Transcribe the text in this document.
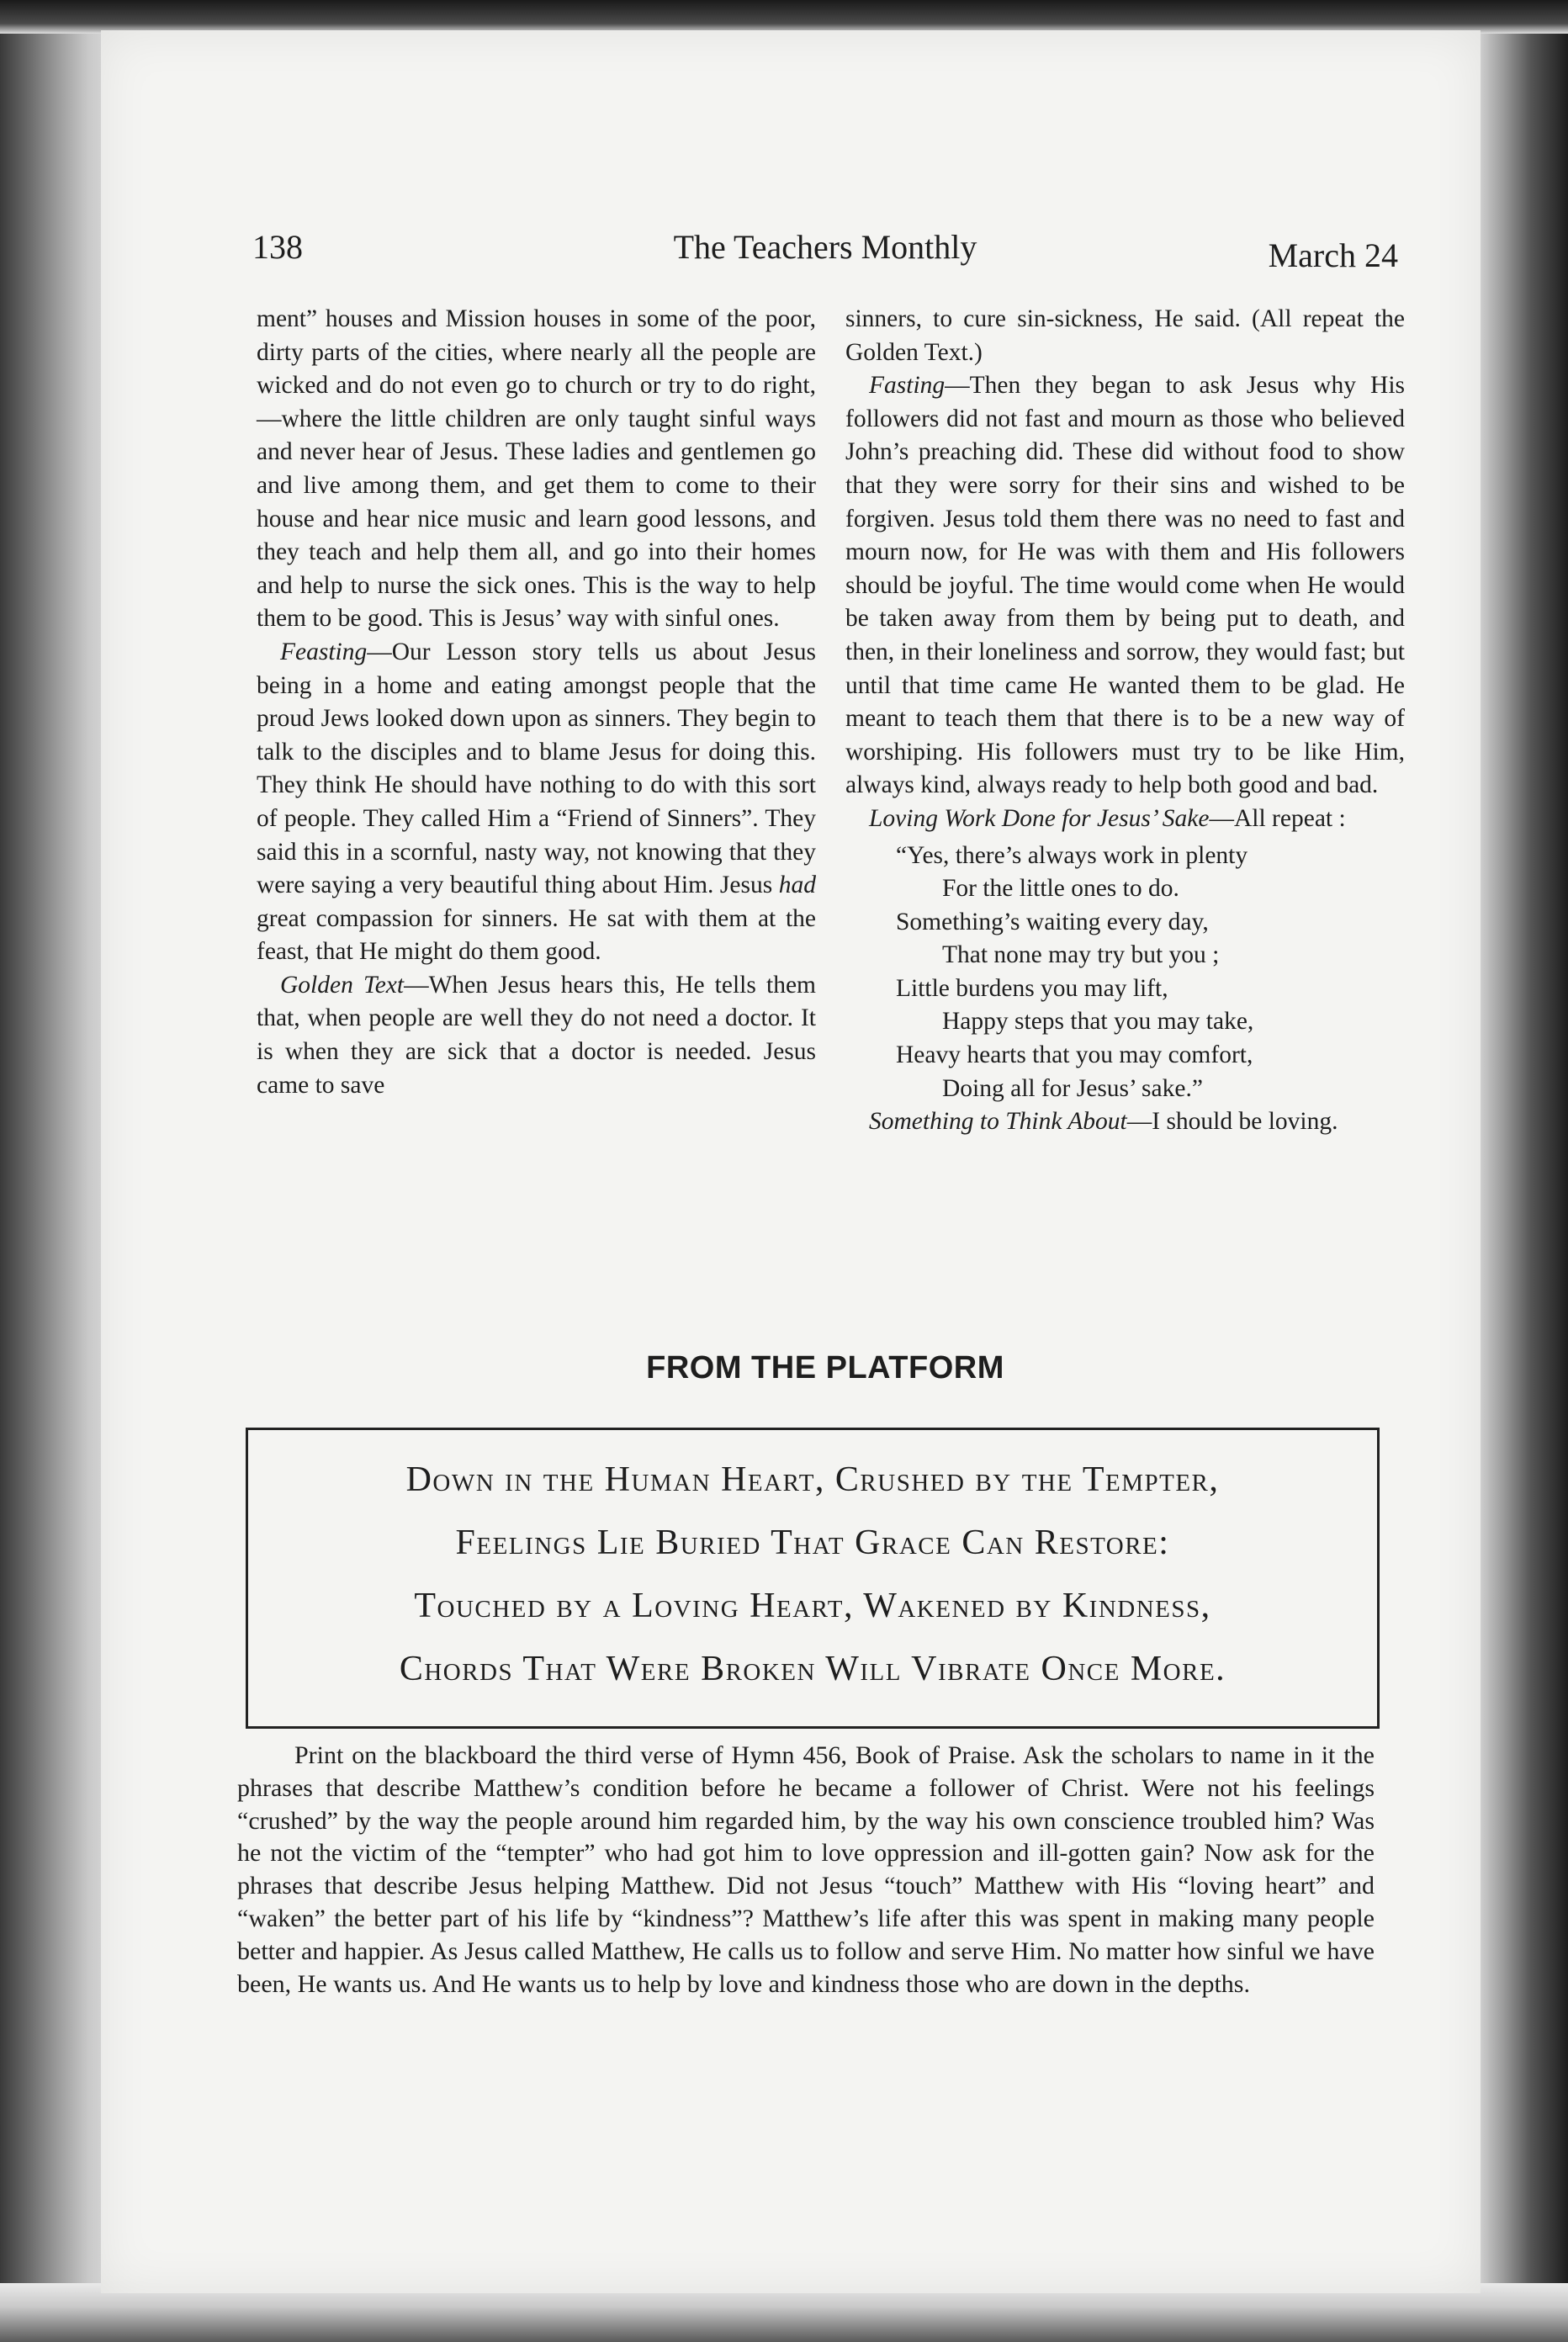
138	The Teachers Monthly	March 24

ment” houses and Mission houses in some of the poor, dirty parts of the cities, where nearly all the people are wicked and do not even go to church or try to do right,—where the little children are only taught sinful ways and never hear of Jesus. These ladies and gentlemen go and live among them, and get them to come to their house and hear nice music and learn good lessons, and they teach and help them all, and go into their homes and help to nurse the sick ones. This is the way to help them to be good. This is Jesus’ way with sinful ones.

Feasting—Our Lesson story tells us about Jesus being in a home and eating amongst people that the proud Jews looked down upon as sinners. They begin to talk to the disciples and to blame Jesus for doing this. They think He should have nothing to do with this sort of people. They called Him a “Friend of Sinners”. They said this in a scornful, nasty way, not knowing that they were saying a very beautiful thing about Him. Jesus had great compassion for sinners. He sat with them at the feast, that He might do them good.

Golden Text—When Jesus hears this, He tells them that, when people are well they do not need a doctor. It is when they are sick that a doctor is needed. Jesus came to save

sinners, to cure sin-sickness, He said. (All repeat the Golden Text.)

Fasting—Then they began to ask Jesus why His followers did not fast and mourn as those who believed John’s preaching did. These did without food to show that they were sorry for their sins and wished to be forgiven. Jesus told them there was no need to fast and mourn now, for He was with them and His followers should be joyful. The time would come when He would be taken away from them by being put to death, and then, in their loneliness and sorrow, they would fast; but until that time came He wanted them to be glad. He meant to teach them that there is to be a new way of worshiping. His followers must try to be like Him, always kind, always ready to help both good and bad.

Loving Work Done for Jesus’ Sake—All repeat :

“Yes, there’s always work in plenty
For the little ones to do.
Something’s waiting every day,
That none may try but you ;
Little burdens you may lift,
Happy steps that you may take,
Heavy hearts that you may comfort,
Doing all for Jesus’ sake.”

Something to Think About—I should be loving.

FROM THE PLATFORM
Down in the Human Heart, Crushed by the Tempter,
Feelings Lie Buried That Grace Can Restore:
Touched by a Loving Heart, Wakened by Kindness,
Chords That Were Broken Will Vibrate Once More.

Print on the blackboard the third verse of Hymn 456, Book of Praise. Ask the scholars to name in it the phrases that describe Matthew’s condition before he became a follower of Christ. Were not his feelings “crushed” by the way the people around him regarded him, by the way his own conscience troubled him? Was he not the victim of the “tempter” who had got him to love oppression and ill-gotten gain? Now ask for the phrases that describe Jesus helping Matthew. Did not Jesus “touch” Matthew with His “loving heart” and “waken” the better part of his life by “kindness”? Matthew’s life after this was spent in making many people better and happier. As Jesus called Matthew, He calls us to follow and serve Him. No matter how sinful we have been, He wants us. And He wants us to help by love and kindness those who are down in the depths.
